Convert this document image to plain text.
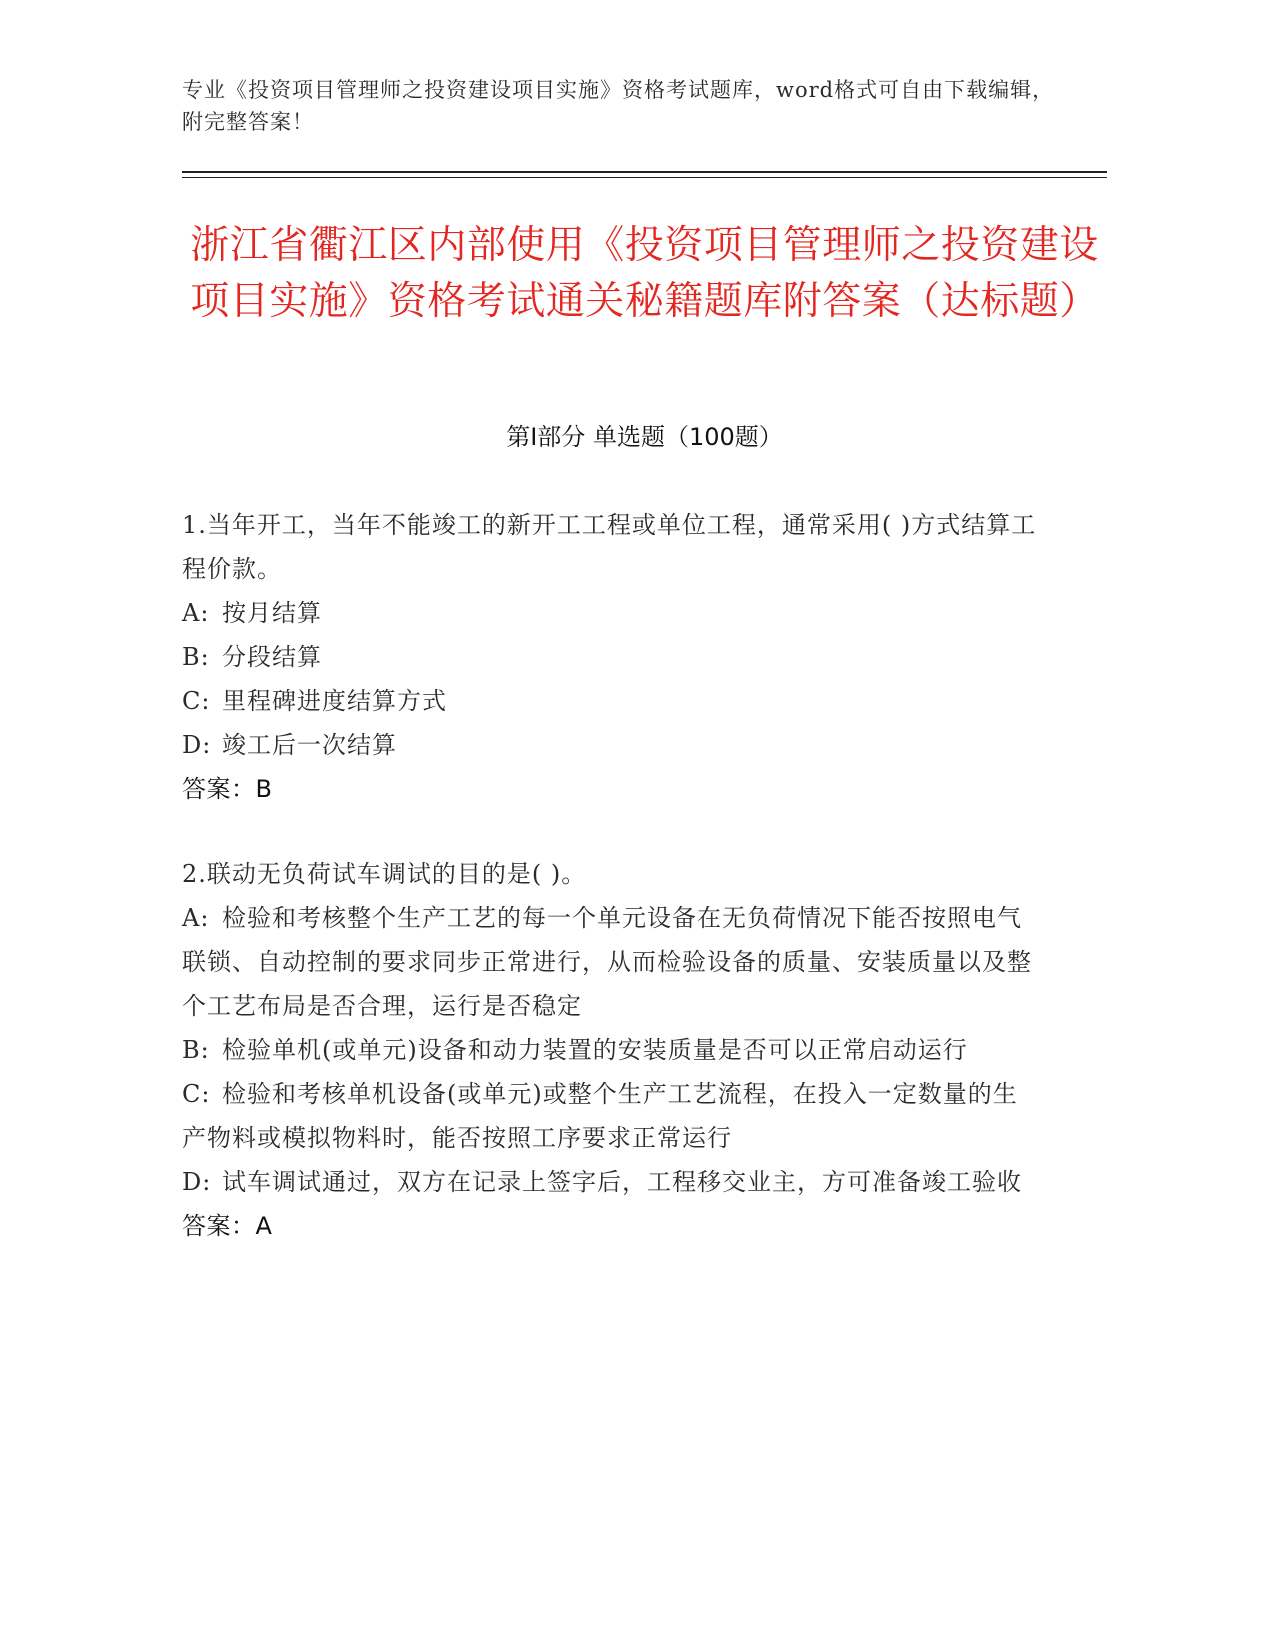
专业《投资项目管理师之投资建设项目实施》资格考试题库，word格式可自由下载编辑，附完整答案！
浙江省衢江区内部使用《投资项目管理师之投资建设项目实施》资格考试通关秘籍题库附答案（达标题）
第I部分 单选题（100题）

1.当年开工，当年不能竣工的新开工工程或单位工程，通常采用( )方式结算工程价款。

A: 按月结算

B: 分段结算

C: 里程碑进度结算方式

D: 竣工后一次结算

答案：B

2.联动无负荷试车调试的目的是( )。

A: 检验和考核整个生产工艺的每一个单元设备在无负荷情况下能否按照电气联锁、自动控制的要求同步正常进行，从而检验设备的质量、安装质量以及整个工艺布局是否合理，运行是否稳定

B: 检验单机(或单元)设备和动力装置的安装质量是否可以正常启动运行

C: 检验和考核单机设备(或单元)或整个生产工艺流程，在投入一定数量的生产物料或模拟物料时，能否按照工序要求正常运行

D: 试车调试通过，双方在记录上签字后，工程移交业主，方可准备竣工验收

答案：A
